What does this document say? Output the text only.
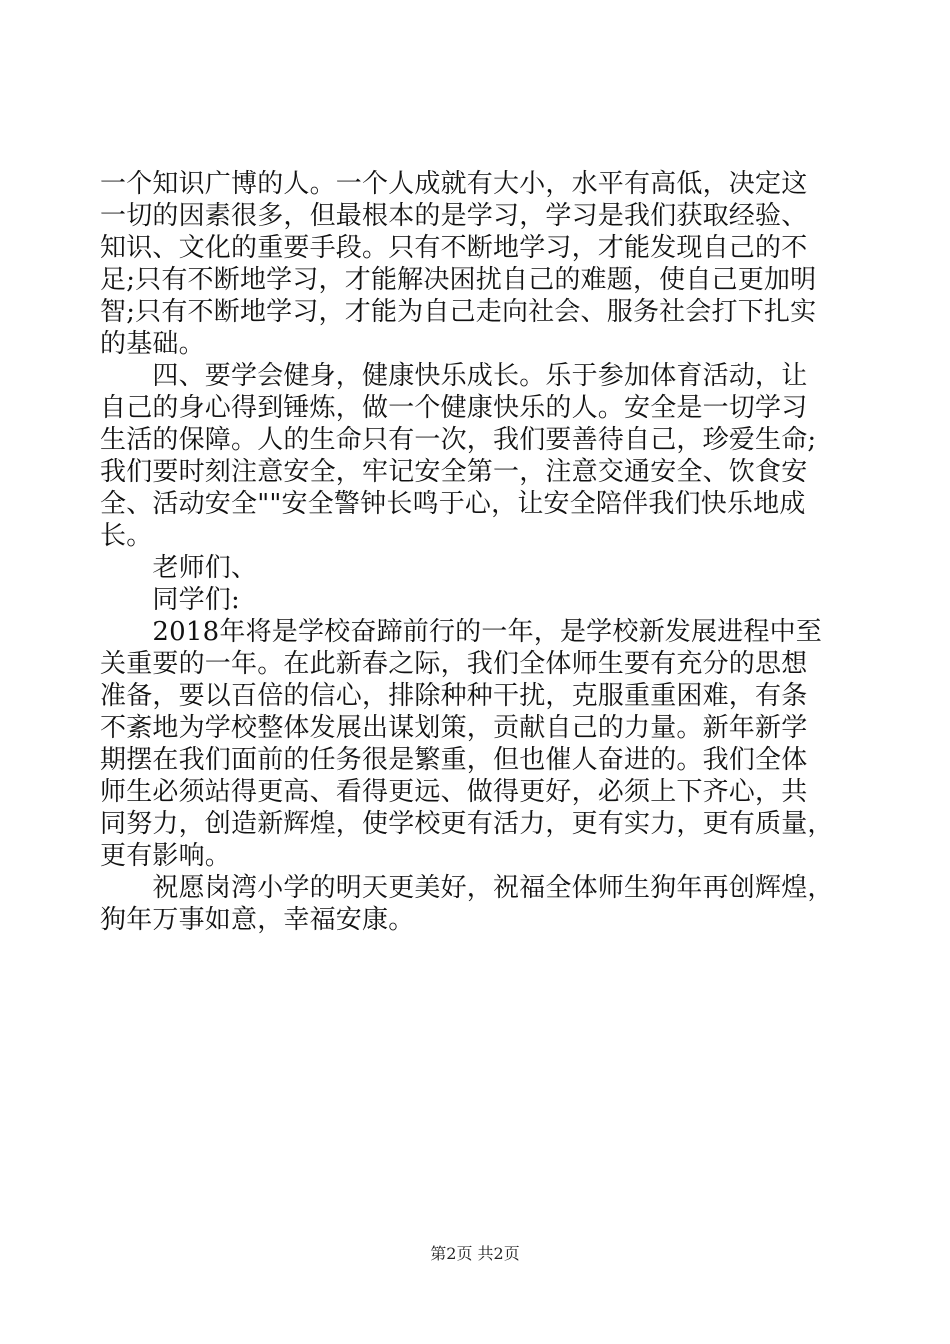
一个知识广博的人。一个人成就有大小，水平有高低，决定这
一切的因素很多，但最根本的是学习，学习是我们获取经验、
知识、文化的重要手段。只有不断地学习，才能发现自己的不
足;只有不断地学习，才能解决困扰自己的难题，使自己更加明
智;只有不断地学习，才能为自己走向社会、服务社会打下扎实
的基础。
　　四、要学会健身，健康快乐成长。乐于参加体育活动，让
自己的身心得到锤炼，做一个健康快乐的人。安全是一切学习
生活的保障。人的生命只有一次，我们要善待自己，珍爱生命;
我们要时刻注意安全，牢记安全第一，注意交通安全、饮食安
全、活动安全""安全警钟长鸣于心，让安全陪伴我们快乐地成
长。
　　老师们、
　　同学们:
　　2018年将是学校奋蹄前行的一年，是学校新发展进程中至
关重要的一年。在此新春之际，我们全体师生要有充分的思想
准备，要以百倍的信心，排除种种干扰，克服重重困难，有条
不紊地为学校整体发展出谋划策，贡献自己的力量。新年新学
期摆在我们面前的任务很是繁重，但也催人奋进的。我们全体
师生必须站得更高、看得更远、做得更好，必须上下齐心，共
同努力，创造新辉煌，使学校更有活力，更有实力，更有质量，
更有影响。
　　祝愿岗湾小学的明天更美好，祝福全体师生狗年再创辉煌，
狗年万事如意，幸福安康。
第2页 共2页
